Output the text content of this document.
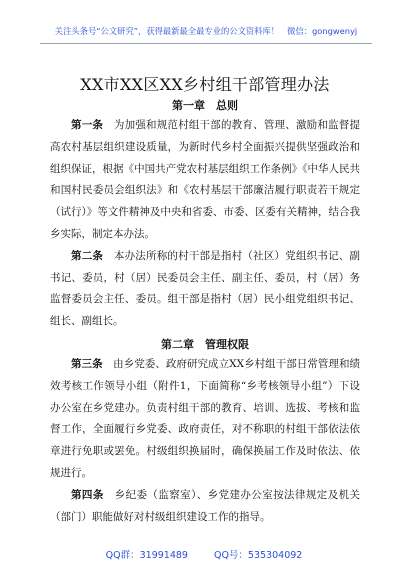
关注头条号“公文研究”，获得最新最全最专业的公文资料库！ 微信：gongwenyj
XX市XX区XX乡村组干部管理办法
第一章　总则

第一条　 为加强和规范村组干部的教育、管理、激励和监督提高农村基层组织建设质量，为新时代乡村全面振兴提供坚强政治和组织保证，根据《中国共产党农村基层组织工作条例》《中华人民共和国村民委员会组织法》和《农村基层干部廉洁履行职责若干规定（试行）》等文件精神及中央和省委、市委、区委有关精神，结合我乡实际，制定本办法。

第二条　 本办法所称的村干部是指村（社区）党组织书记、副书记、委员，村（居）民委员会主任、副主任、委员，村（居）务监督委员会主任、委员。组干部是指村（居）民小组党组织书记、组长、副组长。

第二章　管理权限

第三条　 由乡党委、政府研究成立XX乡村组干部日常管理和绩效考核工作领导小组（附件1，下面简称“乡考核领导小组”）下设办公室在乡党建办。负责村组干部的教育、培训、选拔、考核和监督工作，全面履行乡党委、政府责任，对不称职的村组干部依法依章进行免职或罢免。村级组织换届时，确保换届工作及时依法、依规进行。

第四条　 乡纪委（监察室）、乡党建办公室按法律规定及机关（部门）职能做好对村级组织建设工作的指导。

QQ群：31991489	QQ号：535304092
